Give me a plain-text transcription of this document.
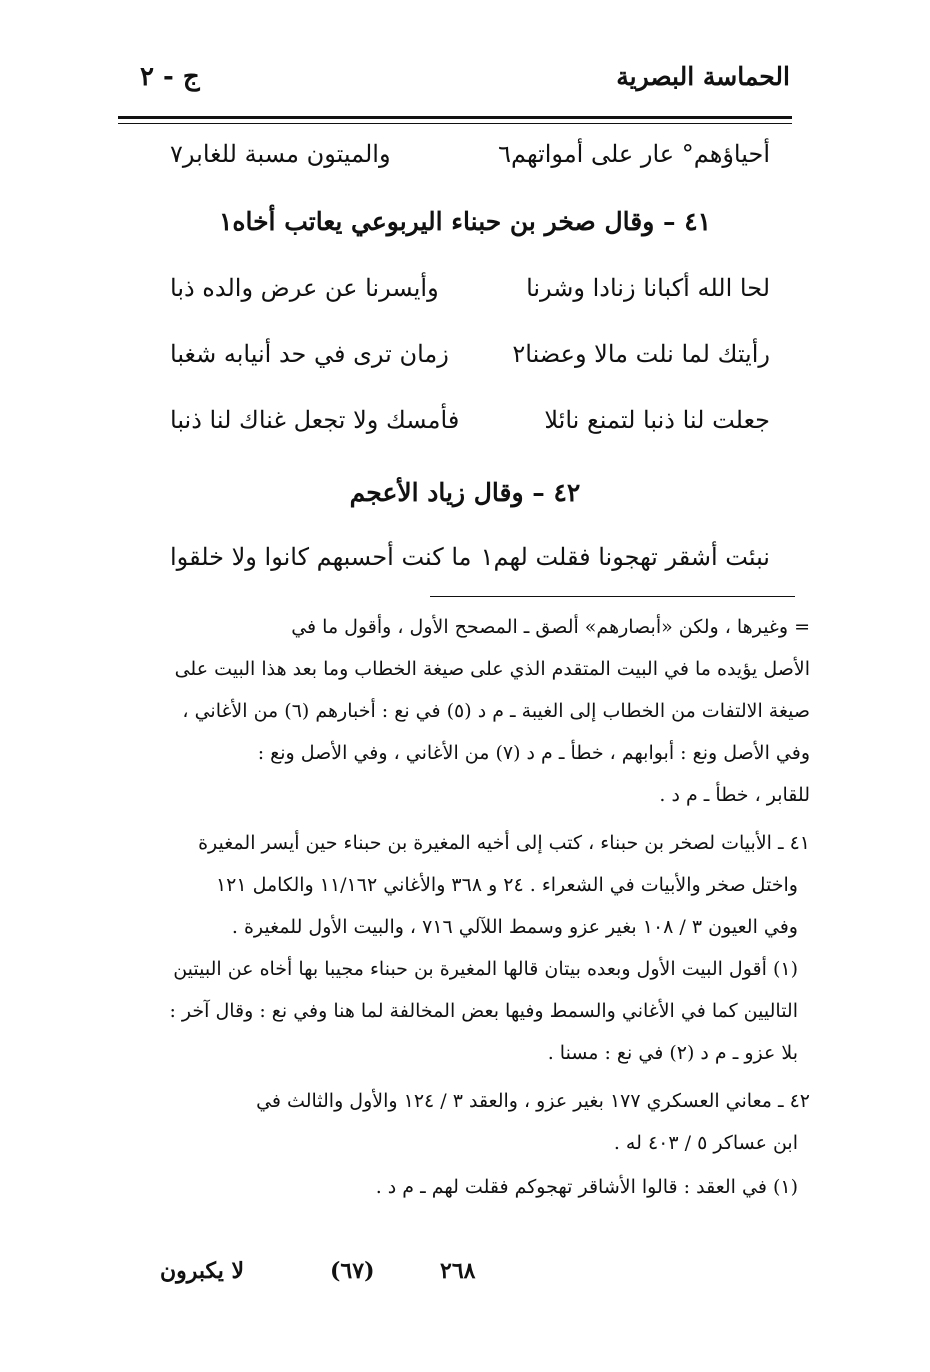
الحماسة البصرية
ج - ٢
أحياؤهم° عار على أمواتهم٦
والميتون مسبة للغابر٧
٤١ – وقال صخر بن حبناء اليربوعي يعاتب أخاه١
لحا الله أكبانا زنادا وشرنا
وأيسرنا عن عرض والده ذبا
رأيتك لما نلت مالا وعضنا٢
زمان ترى في حد أنيابه شغبا
جعلت لنا ذنبا لتمنع نائلا
فأمسك ولا تجعل غناك لنا ذنبا
٤٢ – وقال زياد الأعجم
نبئت أشقر تهجونا فقلت لهم١
ما كنت أحسبهم كانوا ولا خلقوا
= وغيرها ، ولكن «أبصارهم» ألصق ـ المصحح الأول ، وأقول ما في
الأصل يؤيده ما في البيت المتقدم الذي على صيغة الخطاب وما بعد هذا البيت على
صيغة الالتفات من الخطاب إلى الغيبة ـ م د (٥) في نع : أخبارهم (٦) من الأغاني ،
وفي الأصل ونع : أبوابهم ، خطأ ـ م د (٧) من الأغاني ، وفي الأصل ونع :
للقابر ، خطأ ـ م د .
٤١ ـ الأبيات لصخر بن حبناء ، كتب إلى أخيه المغيرة بن حبناء حين أيسر المغيرة
واختل صخر والأبيات في الشعراء . ٢٤ و ٣٦٨ والأغاني ١١/١٦٢ والكامل ١٢١
وفي العيون ٣ / ١٠٨ بغير عزو وسمط اللآلي ٧١٦ ، والبيت الأول للمغيرة .
(١) أقول البيت الأول وبعده بيتان قالها المغيرة بن حبناء مجيبا بها أخاه عن البيتين
التاليين كما في الأغاني والسمط وفيها بعض المخالفة لما هنا وفي نع : وقال آخر :
بلا عزو ـ م د (٢) في نع : مسنا .
٤٢ ـ معاني العسكري ١٧٧ بغير عزو ، والعقد ٣ / ١٢٤ والأول والثالث في
ابن عساكر ٥ / ٤٠٣ له .
(١) في العقد : قالوا الأشاقر تهجوكم فقلت لهم ـ م د .
لا يكبرون	(٦٧)	٢٦٨
